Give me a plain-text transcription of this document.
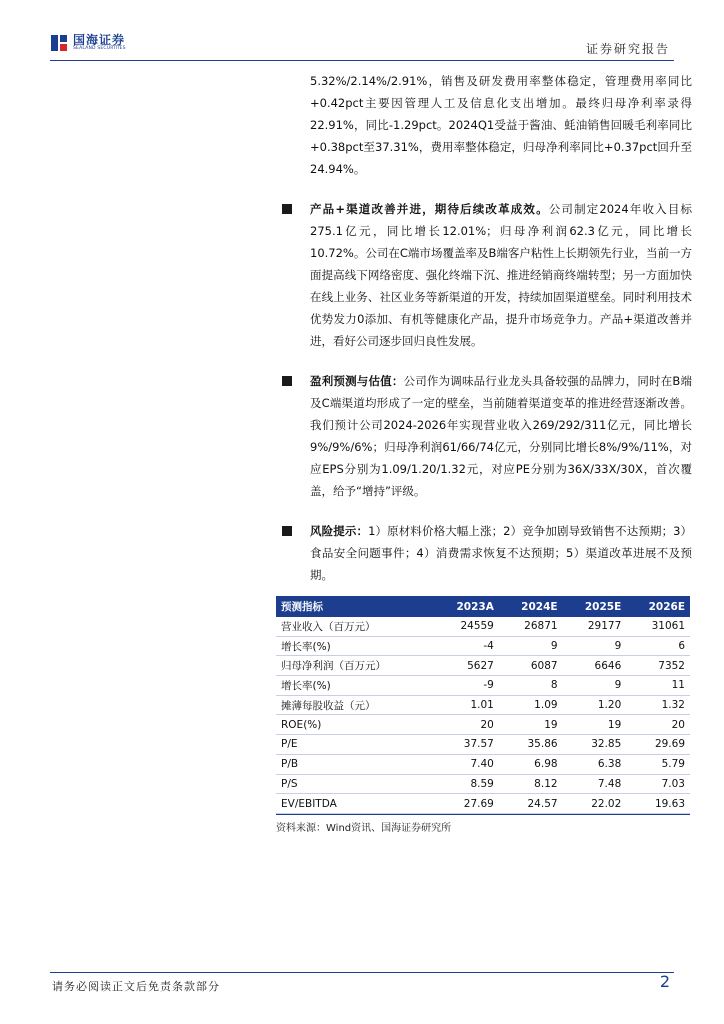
国海证券
SEALAND SECURITIES	证券研究报告

5.32%/2.14%/2.91%，销售及研发费用率整体稳定，管理费用率同比+0.42pct主要因管理人工及信息化支出增加。最终归母净利率录得22.91%，同比-1.29pct。2024Q1受益于酱油、蚝油销售回暖毛利率同比+0.38pct至37.31%，费用率整体稳定，归母净利率同比+0.37pct回升至24.94%。

产品+渠道改善并进，期待后续改革成效。公司制定2024年收入目标275.1亿元，同比增长12.01%；归母净利润62.3亿元，同比增长10.72%。公司在C端市场覆盖率及B端客户粘性上长期领先行业，当前一方面提高线下网络密度、强化终端下沉、推进经销商终端转型；另一方面加快在线上业务、社区业务等新渠道的开发，持续加固渠道壁垒。同时利用技术优势发力0添加、有机等健康化产品，提升市场竞争力。产品+渠道改善并进，看好公司逐步回归良性发展。

盈利预测与估值：公司作为调味品行业龙头具备较强的品牌力，同时在B端及C端渠道均形成了一定的壁垒，当前随着渠道变革的推进经营逐渐改善。我们预计公司2024-2026年实现营业收入269/292/311亿元，同比增长9%/9%/6%；归母净利润61/66/74亿元，分别同比增长8%/9%/11%，对应EPS分别为1.09/1.20/1.32元，对应PE分别为36X/33X/30X，首次覆盖，给予“增持”评级。

风险提示：1）原材料价格大幅上涨；2）竞争加剧导致销售不达预期；3）食品安全问题事件；4）消费需求恢复不达预期；5）渠道改革进展不及预期。

预测指标	2023A	2024E	2025E	2026E
营业收入（百万元）	24559	26871	29177	31061
增长率(%)	-4	9	9	6
归母净利润（百万元）	5627	6087	6646	7352
增长率(%)	-9	8	9	11
摊薄每股收益（元）	1.01	1.09	1.20	1.32
ROE(%)	20	19	19	20
P/E	37.57	35.86	32.85	29.69
P/B	7.40	6.98	6.38	5.79
P/S	8.59	8.12	7.48	7.03
EV/EBITDA	27.69	24.57	22.02	19.63
资料来源：Wind资讯、国海证券研究所
请务必阅读正文后免责条款部分	2
